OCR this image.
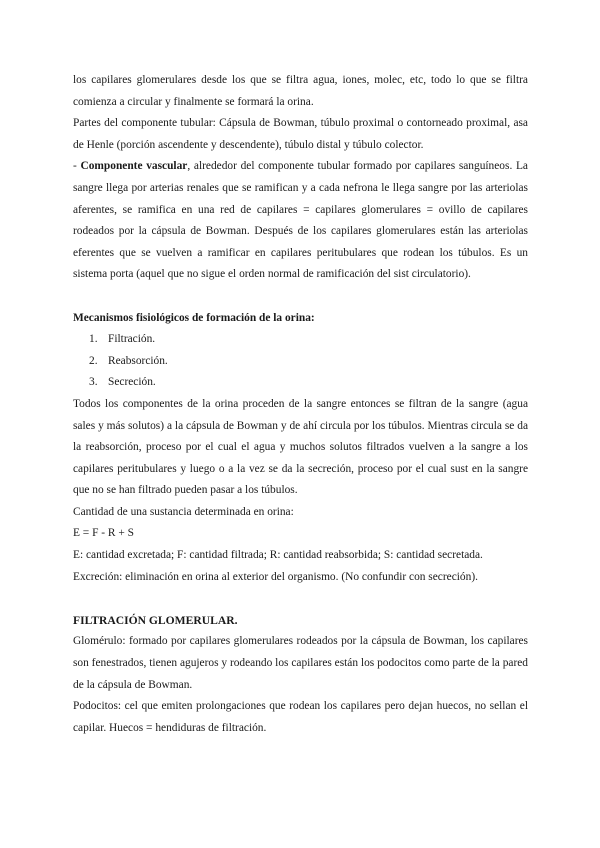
los capilares glomerulares desde los que se filtra agua, iones, molec, etc, todo lo que se filtra comienza a circular y finalmente se formará la orina.

Partes del componente tubular: Cápsula de Bowman, túbulo proximal o contorneado proximal, asa de Henle (porción ascendente y descendente), túbulo distal y túbulo colector.

- Componente vascular, alrededor del componente tubular formado por capilares sanguíneos. La sangre llega por arterias renales que se ramifican y a cada nefrona le llega sangre por las arteriolas aferentes, se ramifica en una red de capilares = capilares glomerulares = ovillo de capilares rodeados por la cápsula de Bowman. Después de los capilares glomerulares están las arteriolas eferentes que se vuelven a ramificar en capilares peritubulares que rodean los túbulos. Es un sistema porta (aquel que no sigue el orden normal de ramificación del sist circulatorio).

Mecanismos fisiológicos de formación de la orina:

1. Filtración.
2. Reabsorción.
3. Secreción.

Todos los componentes de la orina proceden de la sangre entonces se filtran de la sangre (agua sales y más solutos) a la cápsula de Bowman y de ahí circula por los túbulos. Mientras circula se da la reabsorción, proceso por el cual el agua y muchos solutos filtrados vuelven a la sangre a los capilares peritubulares y luego o a la vez se da la secreción, proceso por el cual sust en la sangre que no se han filtrado pueden pasar a los túbulos.

Cantidad de una sustancia determinada en orina:

E = F - R + S

E: cantidad excretada; F: cantidad filtrada; R: cantidad reabsorbida; S: cantidad secretada.

Excreción: eliminación en orina al exterior del organismo. (No confundir con secreción).

FILTRACIÓN GLOMERULAR.

Glomérulo: formado por capilares glomerulares rodeados por la cápsula de Bowman, los capilares son fenestrados, tienen agujeros y rodeando los capilares están los podocitos como parte de la pared de la cápsula de Bowman.

Podocitos: cel que emiten prolongaciones que rodean los capilares pero dejan huecos, no sellan el capilar. Huecos = hendiduras de filtración.
